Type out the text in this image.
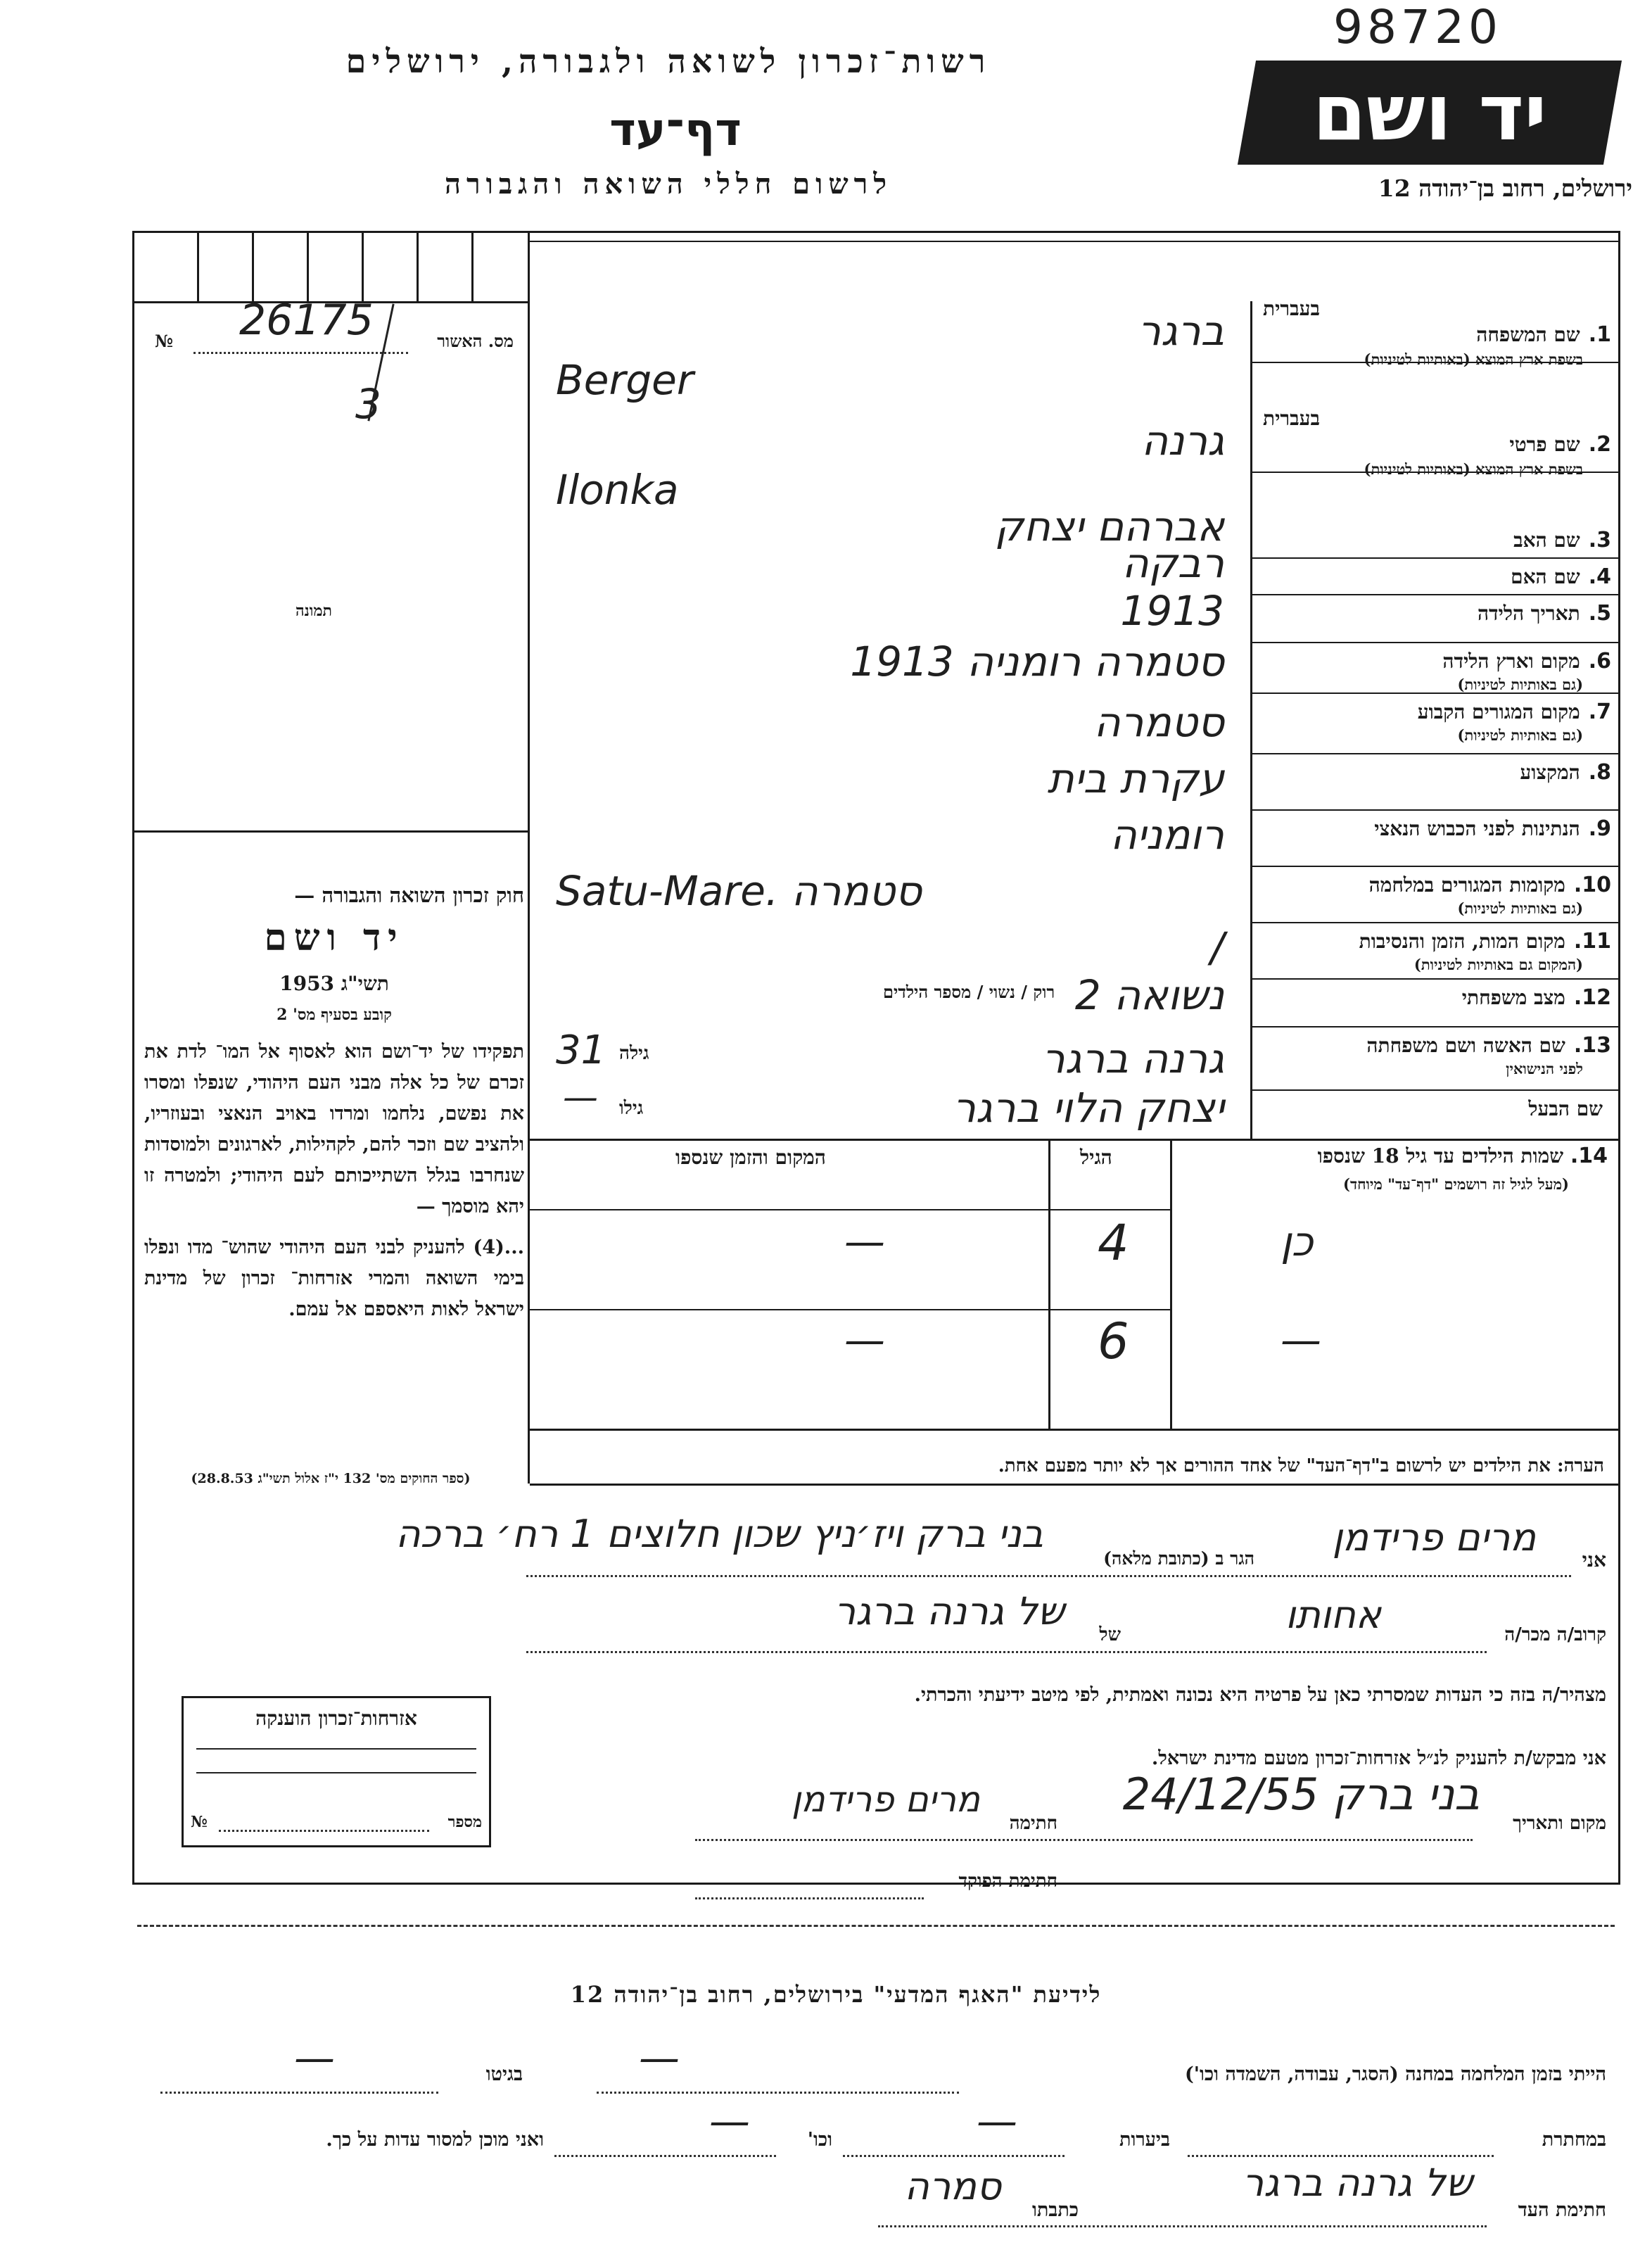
98720
רשות־זכרון לשואה ולגבורה, ירושלים
דף־עד
לרשום חללי השואה והגבורה
יד ושם
ירושלים, רחוב בן־יהודה 12
№	מס. האשור
26175
3
תמונה
חוק זכרון השואה והגבורה —
יד ושם
תשי"ג 1953
קובע בסעיף מס' 2
תפקידו של יד־ושם הוא לאסוף אל המו־ לדת את זכרם של כל אלה מבני העם היהודי, שנפלו ומסרו את נפשם, נלחמו ומרדו באויב הנאצי ובעוזריו, ולהציב שם וזכר להם, לקהילות, לארגונים ולמוסדות שנחרבו בגלל השתייכותם לעם היהודי; ולמטרה זו יהא מוסמך —
...(4) להעניק לבני העם היהודי שהוש־ מדו ונפלו בימי השואה והמרי אזרחות־ זכרון של מדינת ישראל לאות היאספם אל עמם.
(ספר החוקים מס' 132 י"ז אלול תשי"ג 28.8.53)
1.שם המשפחה
בעברית
בשפת ארץ המוצא (באותיות לטיניות)
ברגר
Berger
2.שם פרטי
בעברית
בשפת ארץ המוצא (באותיות לטיניות)
גרנה
Ilonka
3.שם האב
אברהם יצחק
4.שם האם
רבקה
5.תאריך הלידה
1913
6.מקום וארץ הלידה
(גם באותיות לטיניות)
סטמרה רומניה 1913
7.מקום המגורים הקבוע
(גם באותיות לטיניות)
סטמרה
8.המקצוע
עקרת בית
9.הנתינות לפני הכבוש הנאצי
רומניה
10.מקומות המגורים במלחמה
(גם באותיות לטיניות)
Satu-Mare. סטמרה
11.מקום המות, הזמן והנסיבות
(המקום גם באותיות לטיניות)
/
12.מצב משפחתי
נשואה 2
13.שם האשה ושם משפחתה
לפני הנישואין
גרנה ברגר
שם הבעל
יצחק הלוי ברגר
רוק / נשוי / מספר הילדים
גילה
31
גילו
—
14. שמות הילדים עד גיל 18 שנספו
(מעל לגיל זה רושמים "דף־עד" מיוחד)
הגיל
המקום והזמן שנספו
כן
4
—
—
6
—
הערה: את הילדים יש לרשום ב"דף־העד" של אחד ההורים אך לא יותר מפעם אחת.
אני
מרים פרידמן
הגר ב (כתובת מלאה)
בני ברק ויז׳ניץ שכון חלוצים 1 רח׳ ברכה
קרוב/ה מכר/ה
אחותו
של
של גרנה ברגר
מצהיר/ה בזה כי העדות שמסרתי כאן על פרטיה היא נכונה ואמתית, לפי מיטב ידיעתי והכרתי.
אני מבקש/ת להעניק לנ״ל אזרחות־זכרון מטעם מדינת ישראל.
מקום ותאריך
בני ברק 24/12/55
חתימה
מרים פרידמן
חתימת הפוקד
אזרחות־זכרון הוענקה
№	מספר
לידיעת "האגף המדעי" בירושלים, רחוב בן־יהודה 12
הייתי בזמן המלחמה במחנה (הסגר, עבודה, השמדה וכו')
—
בגיטו
—
במחתרת
ביערות
—
וכו'
—
ואני מוכן למסור עדות על כך.
חתימת העד
של גרנה ברגר
כתבתו
סמרה
